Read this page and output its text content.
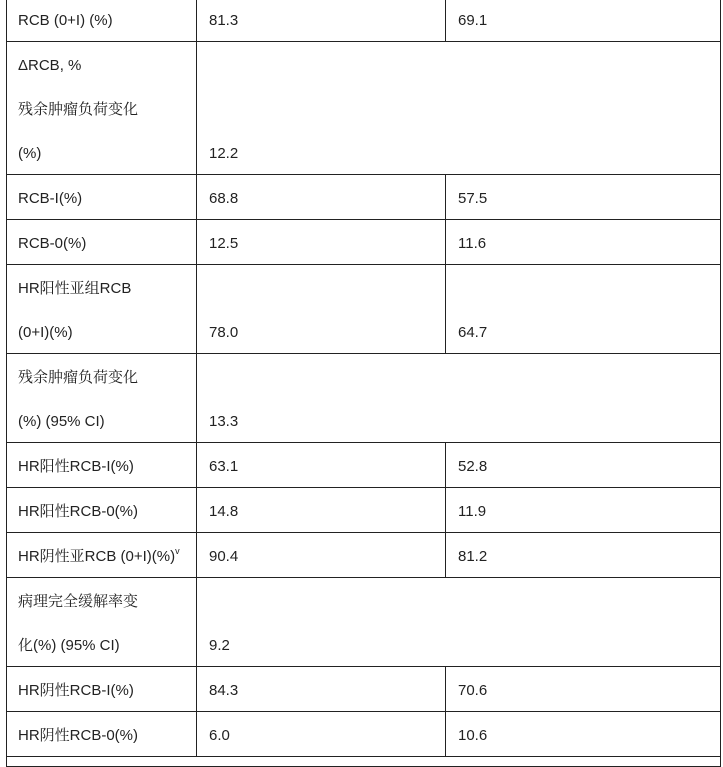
RCB (0+I) (%)	81.3	69.1

ΔRCB, %
残余肿瘤负荷变化
(%)	12.2	

RCB-I(%)	68.8	57.5

RCB-0(%)	12.5	11.6

HR阳性亚组RCB
(0+I)(%)	78.0	64.7

残余肿瘤负荷变化
(%) (95% CI)	13.3	

HR阳性RCB-I(%)	63.1	52.8

HR阳性RCB-0(%)	14.8	11.9

HR阴性亚RCB (0+I)(%)$^v$	90.4	81.2

病理完全缓解率变
化(%) (95% CI)	9.2	

HR阴性RCB-I(%)	84.3	70.6

HR阴性RCB-0(%)	6.0	10.6
